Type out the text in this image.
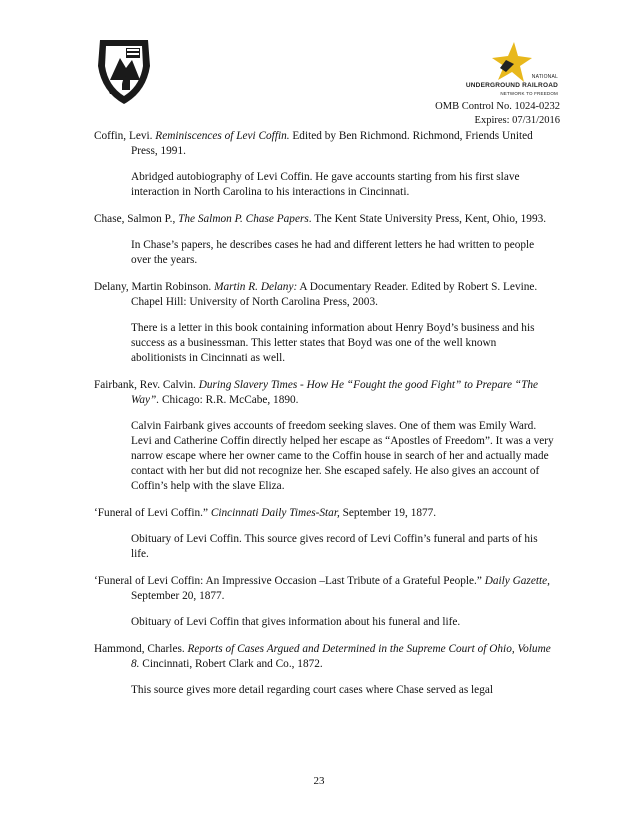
NATIONAL
UNDERGROUND RAILROAD
NETWORK TO FREEDOM
OMB Control No. 1024-0232
Expires: 07/31/2016

Coffin, Levi. Reminiscences of Levi Coffin. Edited by Ben Richmond. Richmond, Friends United Press, 1991.

Abridged autobiography of Levi Coffin. He gave accounts starting from his first slave interaction in North Carolina to his interactions in Cincinnati.

Chase, Salmon P., The Salmon P. Chase Papers. The Kent State University Press, Kent, Ohio, 1993.

In Chase’s papers, he describes cases he had and different letters he had written to people over the years.

Delany, Martin Robinson. Martin R. Delany: A Documentary Reader. Edited by Robert S. Levine. Chapel Hill: University of North Carolina Press, 2003.

There is a letter in this book containing information about Henry Boyd’s business and his success as a businessman. This letter states that Boyd was one of the well known abolitionists in Cincinnati as well.

Fairbank, Rev. Calvin. During Slavery Times - How He “Fought the good Fight” to Prepare “The Way”. Chicago: R.R. McCabe, 1890.

Calvin Fairbank gives accounts of freedom seeking slaves. One of them was Emily Ward. Levi and Catherine Coffin directly helped her escape as “Apostles of Freedom”. It was a very narrow escape where her owner came to the Coffin house in search of her and actually made contact with her but did not recognize her. She escaped safely. He also gives an account of Coffin’s help with the slave Eliza.

‘Funeral of Levi Coffin.” Cincinnati Daily Times-Star, September 19, 1877.

Obituary of Levi Coffin. This source gives record of Levi Coffin’s funeral and parts of his life.

‘Funeral of Levi Coffin: An Impressive Occasion –Last Tribute of a Grateful People.” Daily Gazette, September 20, 1877.

Obituary of Levi Coffin that gives information about his funeral and life.

Hammond, Charles. Reports of Cases Argued and Determined in the Supreme Court of Ohio, Volume 8. Cincinnati, Robert Clark and Co., 1872.

This source gives more detail regarding court cases where Chase served as legal

23
